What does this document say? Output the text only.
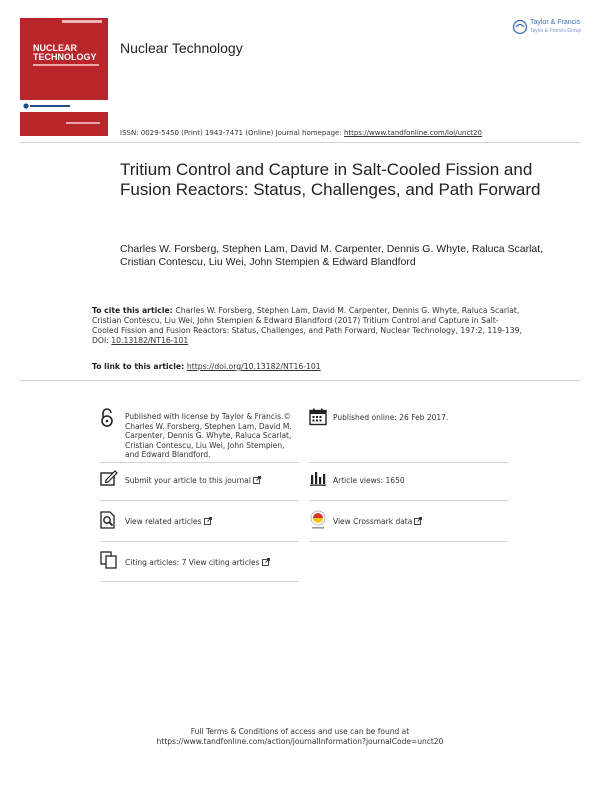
NUCLEAR
TECHNOLOGY
Nuclear Technology
Taylor & Francis
Taylor & Francis Group
ISSN: 0029-5450 (Print) 1943-7471 (Online) Journal homepage: https://www.tandfonline.com/loi/unct20
Tritium Control and Capture in Salt-Cooled Fission and Fusion Reactors: Status, Challenges, and Path Forward
Charles W. Forsberg, Stephen Lam, David M. Carpenter, Dennis G. Whyte, Raluca Scarlat, Cristian Contescu, Liu Wei, John Stempien & Edward Blandford
To cite this article: Charles W. Forsberg, Stephen Lam, David M. Carpenter, Dennis G. Whyte, Raluca Scarlat, Cristian Contescu, Liu Wei, John Stempien & Edward Blandford (2017) Tritium Control and Capture in Salt-Cooled Fission and Fusion Reactors: Status, Challenges, and Path Forward, Nuclear Technology, 197:2, 119-139, DOI: 10.13182/NT16-101
To link to this article: https://doi.org/10.13182/NT16-101
Published with license by Taylor & Francis.© Charles W. Forsberg, Stephen Lam, David M. Carpenter, Dennis G. Whyte, Raluca Scarlat, Cristian Contescu, Liu Wei, John Stempien, and Edward Blandford.
Published online: 26 Feb 2017.
Submit your article to this journal	Article views: 1650
View related articles	View Crossmark data
Citing articles: 7 View citing articles
Full Terms & Conditions of access and use can be found at
https://www.tandfonline.com/action/journalInformation?journalCode=unct20
